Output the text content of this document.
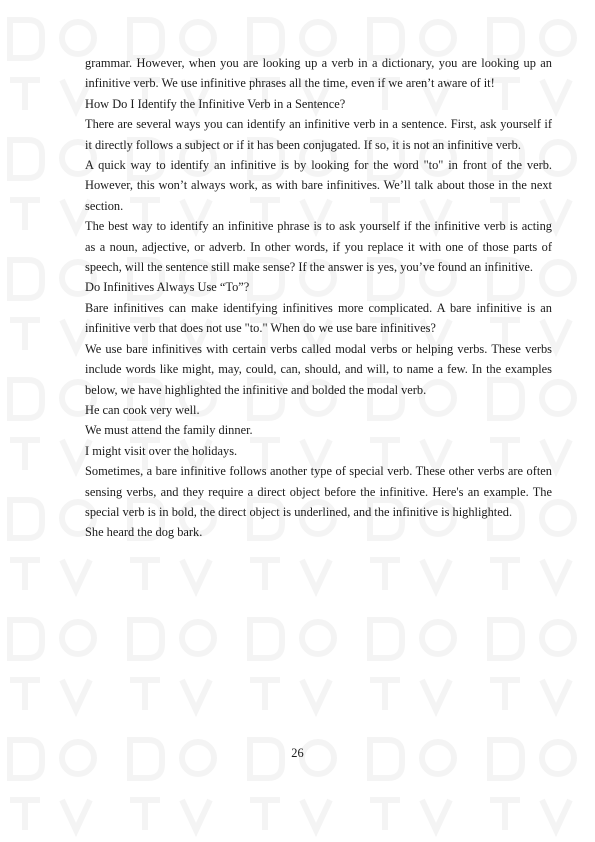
grammar. However, when you are looking up a verb in a dictionary, you are looking up an infinitive verb. We use infinitive phrases all the time, even if we aren’t aware of it!

How Do I Identify the Infinitive Verb in a Sentence?

There are several ways you can identify an infinitive verb in a sentence. First, ask yourself if it directly follows a subject or if it has been conjugated. If so, it is not an infinitive verb.

A quick way to identify an infinitive is by looking for the word "to" in front of the verb. However, this won’t always work, as with bare infinitives. We’ll talk about those in the next section.

The best way to identify an infinitive phrase is to ask yourself if the infinitive verb is acting as a noun, adjective, or adverb. In other words, if you replace it with one of those parts of speech, will the sentence still make sense? If the answer is yes, you’ve found an infinitive.

Do Infinitives Always Use “To”?

Bare infinitives can make identifying infinitives more complicated. A bare infinitive is an infinitive verb that does not use "to." When do we use bare infinitives?

We use bare infinitives with certain verbs called modal verbs or helping verbs. These verbs include words like might, may, could, can, should, and will, to name a few. In the examples below, we have highlighted the infinitive and bolded the modal verb.

He can cook very well.

We must attend the family dinner.

I might visit over the holidays.

Sometimes, a bare infinitive follows another type of special verb. These other verbs are often sensing verbs, and they require a direct object before the infinitive. Here's an example. The special verb is in bold, the direct object is underlined, and the infinitive is highlighted.

She heard the dog bark.

26
